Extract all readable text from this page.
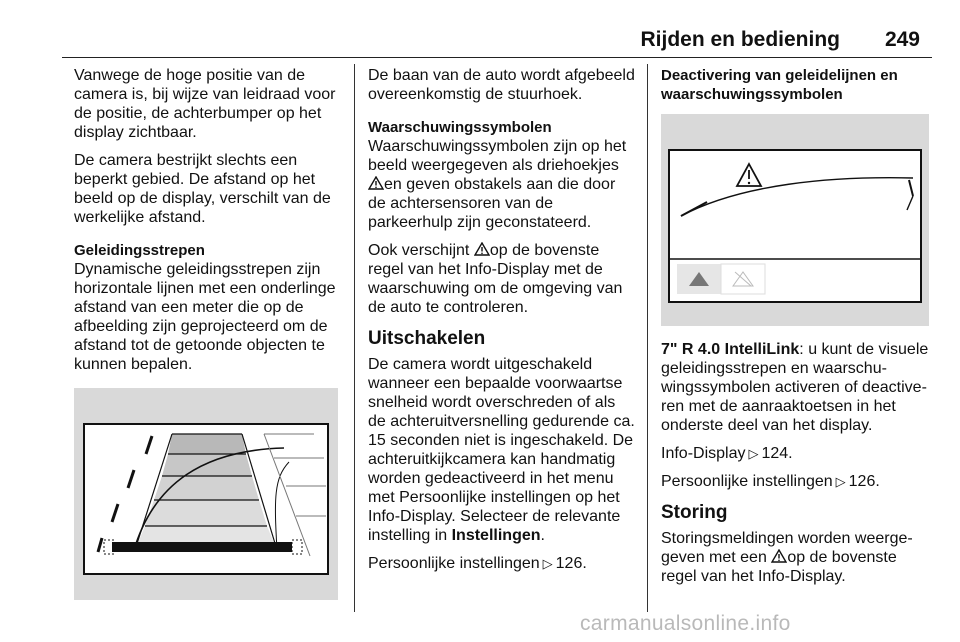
Rijden en bediening 249

Vanwege de hoge positie van de camera is, bij wijze van leidraad voor de positie, de achterbumper op het display zichtbaar.

De camera bestrijkt slechts een beperkt gebied. De afstand op het beeld op de display, verschilt van de werkelijke afstand.

Geleidingsstrepen

Dynamische geleidingsstrepen zijn horizontale lijnen met een onderlinge afstand van een meter die op de afbeelding zijn geprojecteerd om de afstand tot de getoonde objecten te kunnen bepalen.

De baan van de auto wordt afgebeeld overeenkomstig de stuurhoek.

Waarschuwingssymbolen

Waarschuwingssymbolen zijn op het beeld weergegeven als driehoekjes en geven obstakels aan die door de achtersensoren van de parkeerhulp zijn geconstateerd.

Ook verschijnt op de bovenste regel van het Info-Display met de waarschuwing om de omgeving van de auto te controleren.

Uitschakelen

De camera wordt uitgeschakeld wanneer een bepaalde voorwaartse snelheid wordt overschreden of als de achteruitversnelling gedurende ca. 15 seconden niet is ingeschakeld. De achteruitkijkcamera kan handmatig worden gedeactiveerd in het menu met Persoonlijke instellingen op het Info-Display. Selecteer de relevante instelling in Instellingen.

Persoonlijke instellingen ▷ 126.

Deactivering van geleidelijnen en waarschuwingssymbolen

7" R 4.0 IntelliLink: u kunt de visuele geleidingsstrepen en waarschuwingssymbolen activeren of deactiveren met de aanraaktoetsen in het onderste deel van het display.

Info-Display ▷ 124.

Persoonlijke instellingen ▷ 126.

Storing

Storingsmeldingen worden weergegeven met een op de bovenste regel van het Info-Display.

carmanualsonline.info
